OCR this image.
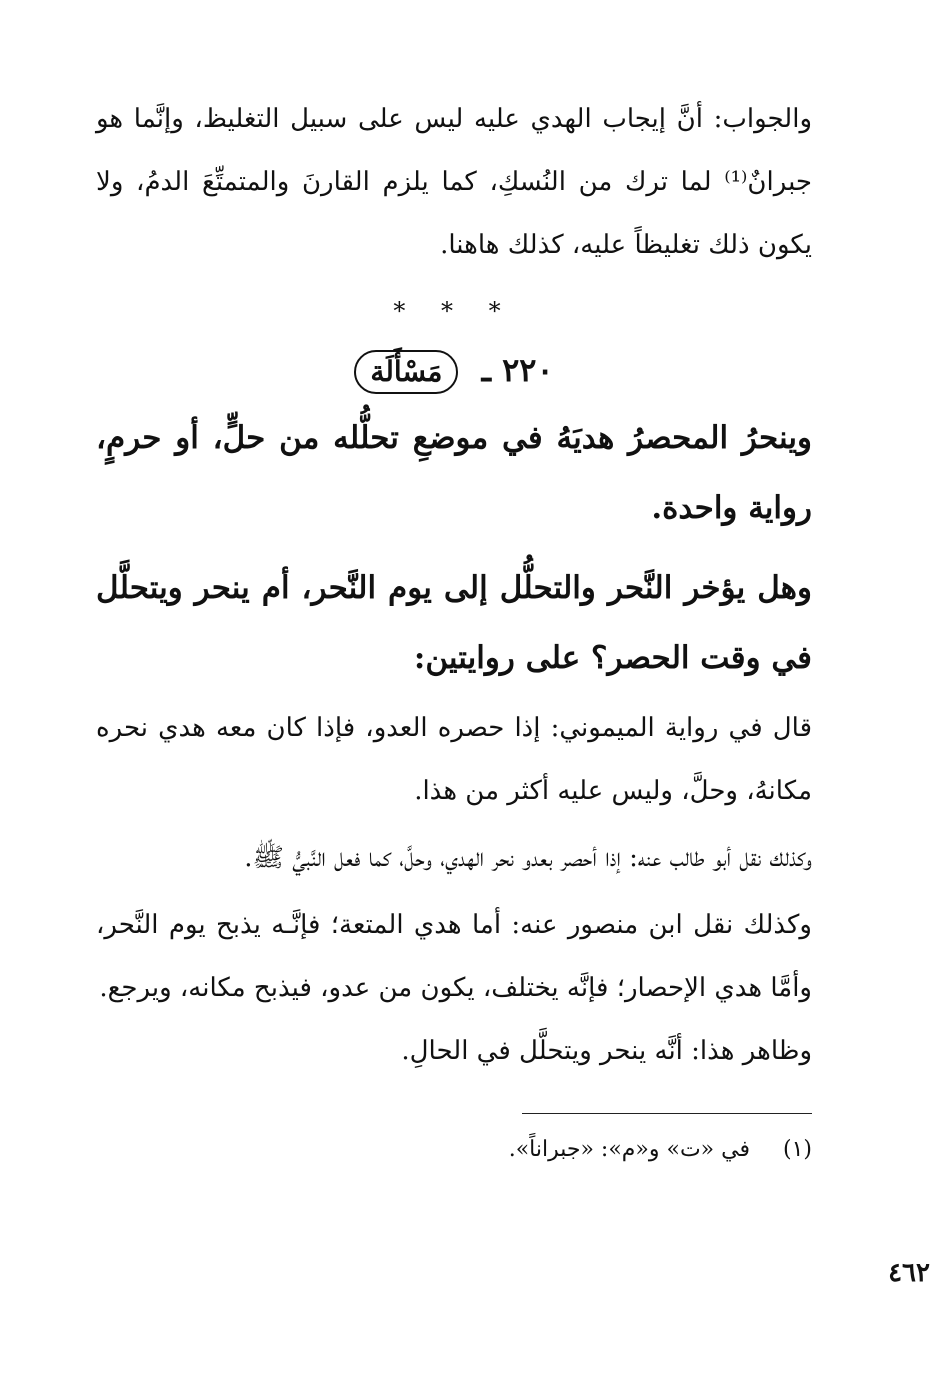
والجواب: أنَّ إيجاب الهدي عليه ليس على سبيل التغليظ، وإنَّما هو جبرانٌ⁽¹⁾ لما ترك من النُسكِ، كما يلزم القارنَ والمتمتِّعَ الدمُ، ولا يكون ذلك تغليظاً عليه، كذلك هاهنا.

* * *
٢٢٠ ـ مَسْأَلَة

وينحرُ المحصرُ هديَهُ في موضعِ تحلُّله من حلٍّ، أو حرمٍ، رواية واحدة.

وهل يؤخر النَّحر والتحلُّل إلى يوم النَّحر، أم ينحر ويتحلَّل في وقت الحصر؟ على روايتين:

قال في رواية الميموني: إذا حصره العدو، فإذا كان معه هدي نحره مكانهُ، وحلَّ، وليس عليه أكثر من هذا.

وكذلك نقل أبو طالب عنه: إذا أحصر بعدو نحر الهدي، وحلَّ، كما فعل النَّبيُّ ﷺ.

وكذلك نقل ابن منصور عنه: أما هدي المتعة؛ فإنَّـه يذبح يوم النَّحر، وأمَّا هدي الإحصار؛ فإنَّه يختلف، يكون من عدو، فيذبح مكانه، ويرجع.

وظاهر هذا: أنَّه ينحر ويتحلَّل في الحالِ.

(١) في «ت» و«م»: «جبراناً».
٤٦٢
